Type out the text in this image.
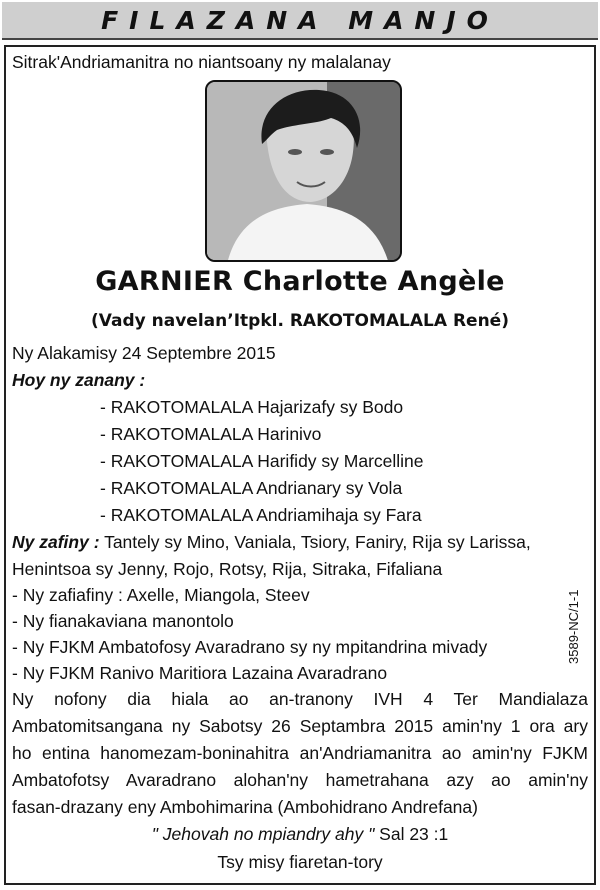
FILAZANA MANJO
Sitrak'Andriamanitra no niantsoany ny malalanay
GARNIER Charlotte Angèle
(Vady navelan’Itpkl. RAKOTOMALALA René)
Ny Alakamisy 24 Septembre 2015
Hoy ny zanany :
- RAKOTOMALALA Hajarizafy sy Bodo
- RAKOTOMALALA Harinivo
- RAKOTOMALALA Harifidy sy Marcelline
- RAKOTOMALALA Andrianary sy Vola
- RAKOTOMALALA Andriamihaja sy Fara
Ny zafiny : Tantely sy Mino, Vaniala, Tsiory, Faniry, Rija sy Larissa,
Henintsoa sy Jenny, Rojo, Rotsy, Rija, Sitraka, Fifaliana
- Ny zafiafiny : Axelle, Miangola, Steev
- Ny fianakaviana manontolo
- Ny FJKM Ambatofosy Avaradrano sy ny mpitandrina mivady
- Ny FJKM Ranivo Maritiora Lazaina Avaradrano
Ny nofony dia hiala ao an-tranony IVH 4 Ter Mandialaza
Ambatomitsangana ny Sabotsy 26 Septambra 2015 amin'ny 1 ora ary
ho entina hanomezam-boninahitra an'Andriamanitra ao amin'ny FJKM
Ambatofotsy Avaradrano alohan'ny hametrahana azy ao amin'ny
fasan-drazany eny Ambohimarina (Ambohidrano Andrefana)
" Jehovah no mpiandry ahy " Sal 23 :1
Tsy misy fiaretan-tory
3589-NC/1-1
